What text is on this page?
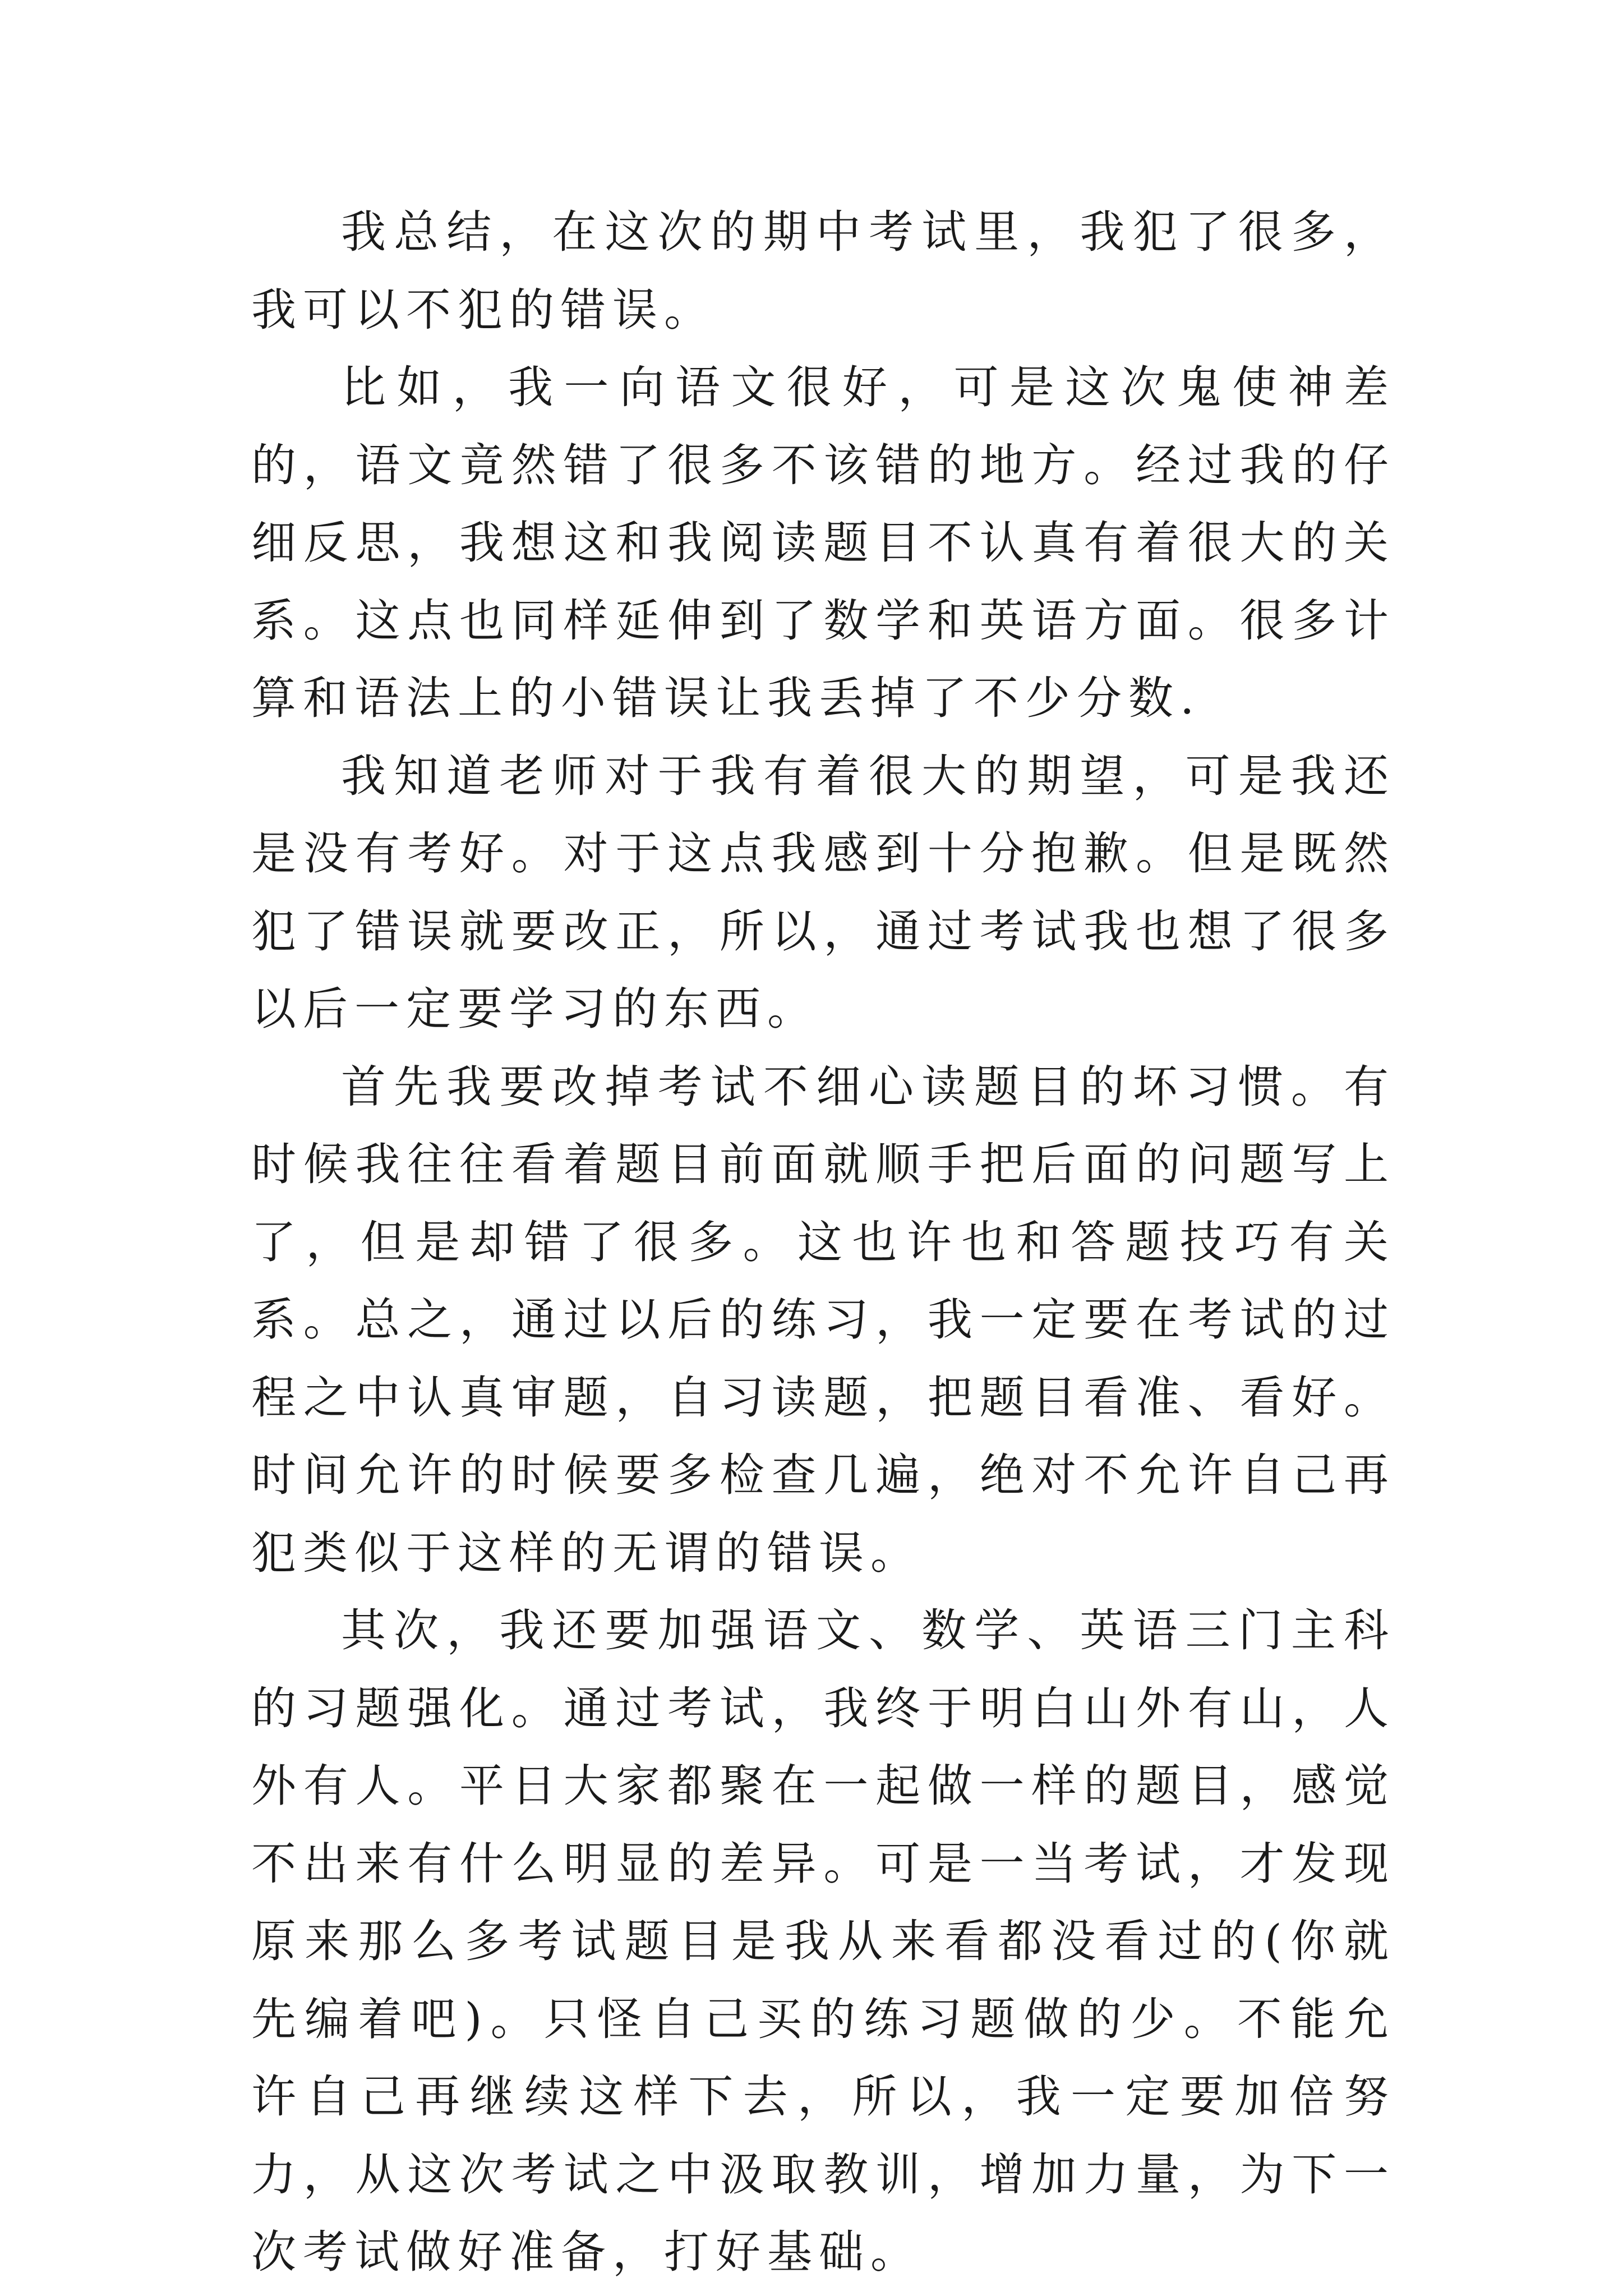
我总结，在这次的期中考试里，我犯了很多，我可以不犯的错误。

比如，我一向语文很好，可是这次鬼使神差的，语文竟然错了很多不该错的地方。经过我的仔细反思，我想这和我阅读题目不认真有着很大的关系。这点也同样延伸到了数学和英语方面。很多计算和语法上的小错误让我丢掉了不少分数.

我知道老师对于我有着很大的期望，可是我还是没有考好。对于这点我感到十分抱歉。但是既然犯了错误就要改正，所以，通过考试我也想了很多以后一定要学习的东西。

首先我要改掉考试不细心读题目的坏习惯。有时候我往往看着题目前面就顺手把后面的问题写上了，但是却错了很多。这也许也和答题技巧有关系。总之，通过以后的练习，我一定要在考试的过程之中认真审题，自习读题，把题目看准、看好。时间允许的时候要多检查几遍，绝对不允许自己再犯类似于这样的无谓的错误。

其次，我还要加强语文、数学、英语三门主科的习题强化。通过考试，我终于明白山外有山，人外有人。平日大家都聚在一起做一样的题目，感觉不出来有什么明显的差异。可是一当考试，才发现原来那么多考试题目是我从来看都没看过的(你就先编着吧)。只怪自己买的练习题做的少。不能允许自己再继续这样下去，所以，我一定要加倍努力，从这次考试之中汲取教训，增加力量，为下一次考试做好准备，打好基础。
